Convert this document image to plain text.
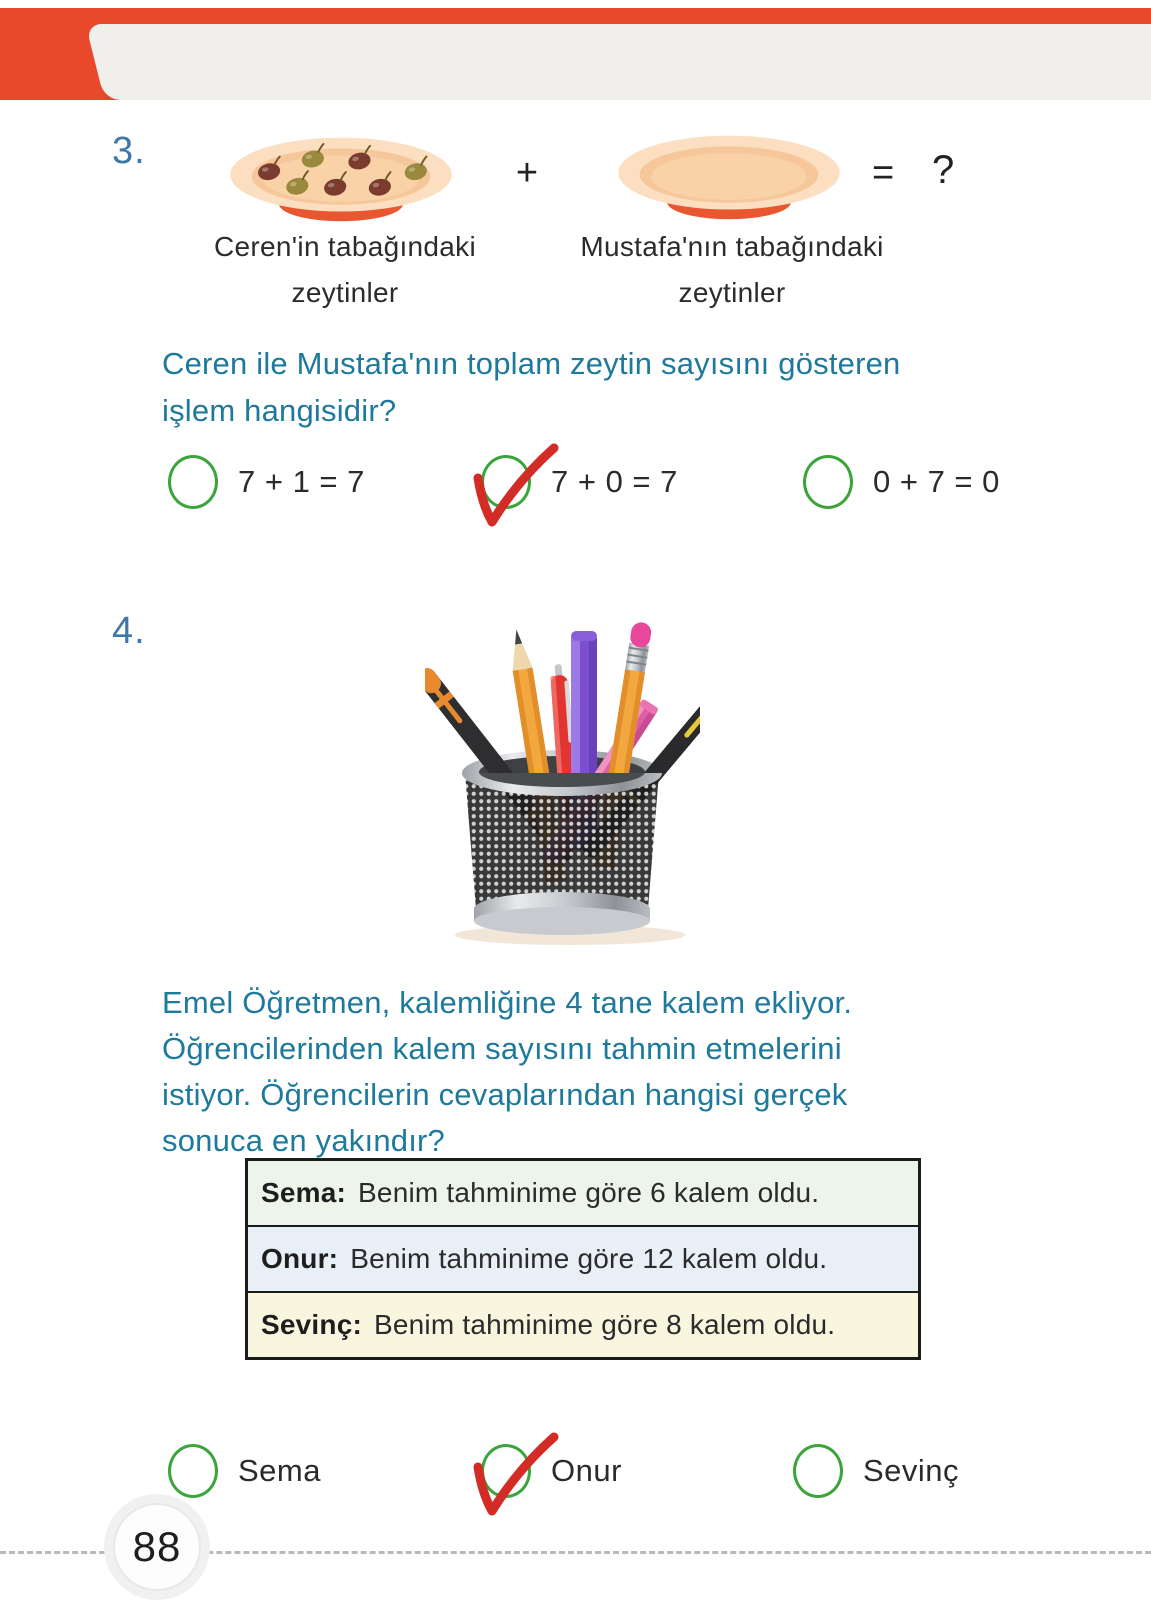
3.
+	= ?
Ceren'in tabağındaki
zeytinler
Mustafa'nın tabağındaki
zeytinler
Ceren ile Mustafa'nın toplam zeytin sayısını gösteren
işlem hangisidir?
7 + 1 = 7	7 + 0 = 7	0 + 7 = 0
4.
Emel Öğretmen, kalemliğine 4 tane kalem ekliyor.
Öğrencilerinden kalem sayısını tahmin etmelerini
istiyor. Öğrencilerin cevaplarından hangisi gerçek
sonuca en yakındır?
Sema: Benim tahminime göre 6 kalem oldu.
Onur: Benim tahminime göre 12 kalem oldu.
Sevinç: Benim tahminime göre 8 kalem oldu.
Sema	Onur	Sevinç
88
